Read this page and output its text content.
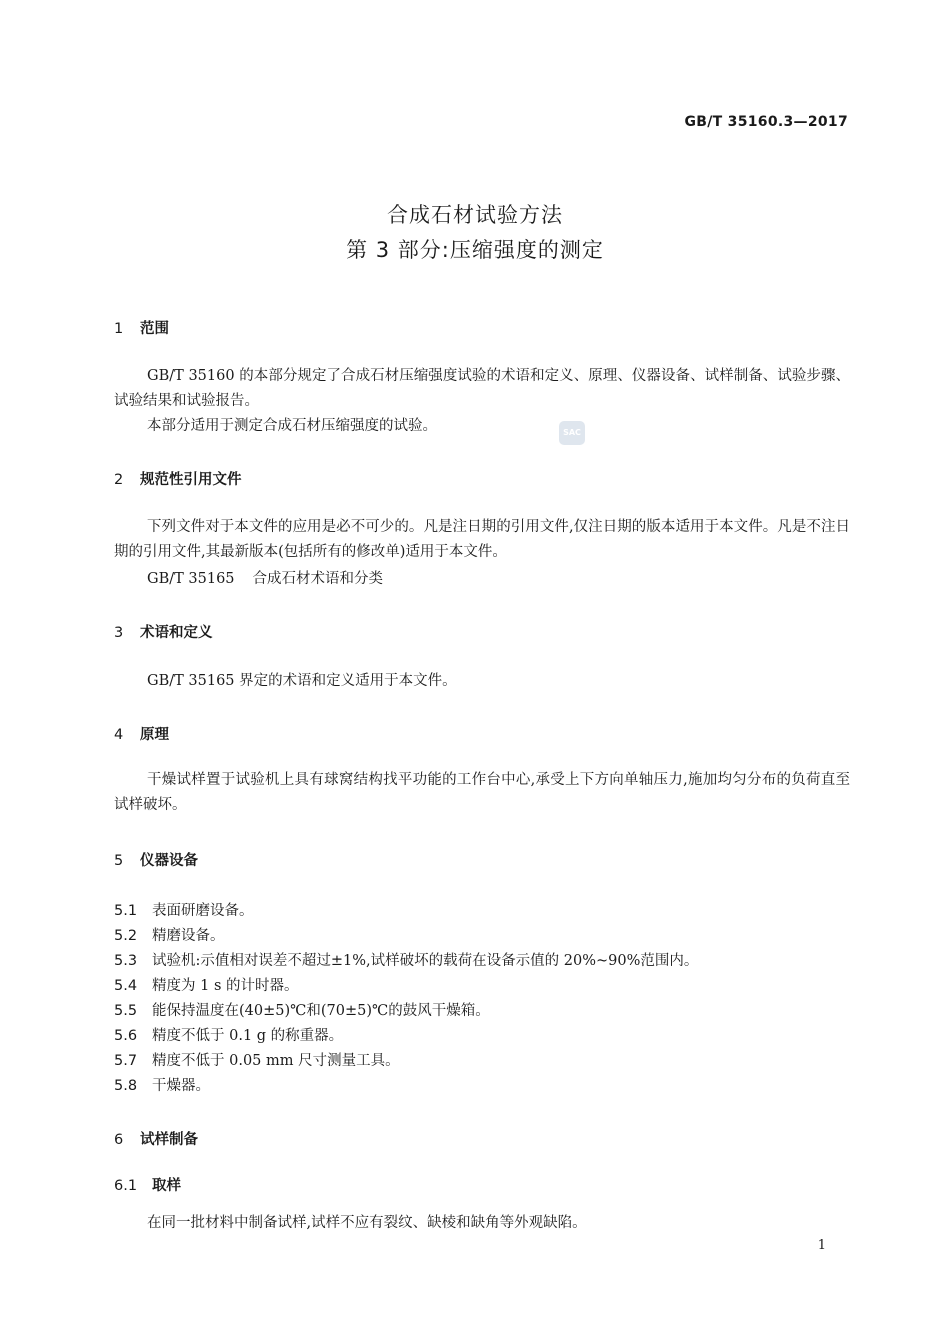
GB/T 35160.3—2017
合成石材试验方法
第 3 部分:压缩强度的测定
1 范围
GB/T 35160 的本部分规定了合成石材压缩强度试验的术语和定义、原理、仪器设备、试样制备、试验步骤、试验结果和试验报告。
本部分适用于测定合成石材压缩强度的试验。	SAC
2 规范性引用文件
下列文件对于本文件的应用是必不可少的。凡是注日期的引用文件,仅注日期的版本适用于本文件。凡是不注日期的引用文件,其最新版本(包括所有的修改单)适用于本文件。
GB/T 35165 合成石材术语和分类
3 术语和定义
GB/T 35165 界定的术语和定义适用于本文件。
4 原理
干燥试样置于试验机上具有球窝结构找平功能的工作台中心,承受上下方向单轴压力,施加均匀分布的负荷直至试样破坏。
5 仪器设备
5.1 表面研磨设备。
5.2 精磨设备。
5.3 试验机:示值相对误差不超过±1%,试样破坏的载荷在设备示值的 20%~90%范围内。
5.4 精度为 1 s 的计时器。
5.5 能保持温度在(40±5)℃和(70±5)℃的鼓风干燥箱。
5.6 精度不低于 0.1 g 的称重器。
5.7 精度不低于 0.05 mm 尺寸测量工具。
5.8 干燥器。
6 试样制备
6.1 取样
在同一批材料中制备试样,试样不应有裂纹、缺棱和缺角等外观缺陷。
1
